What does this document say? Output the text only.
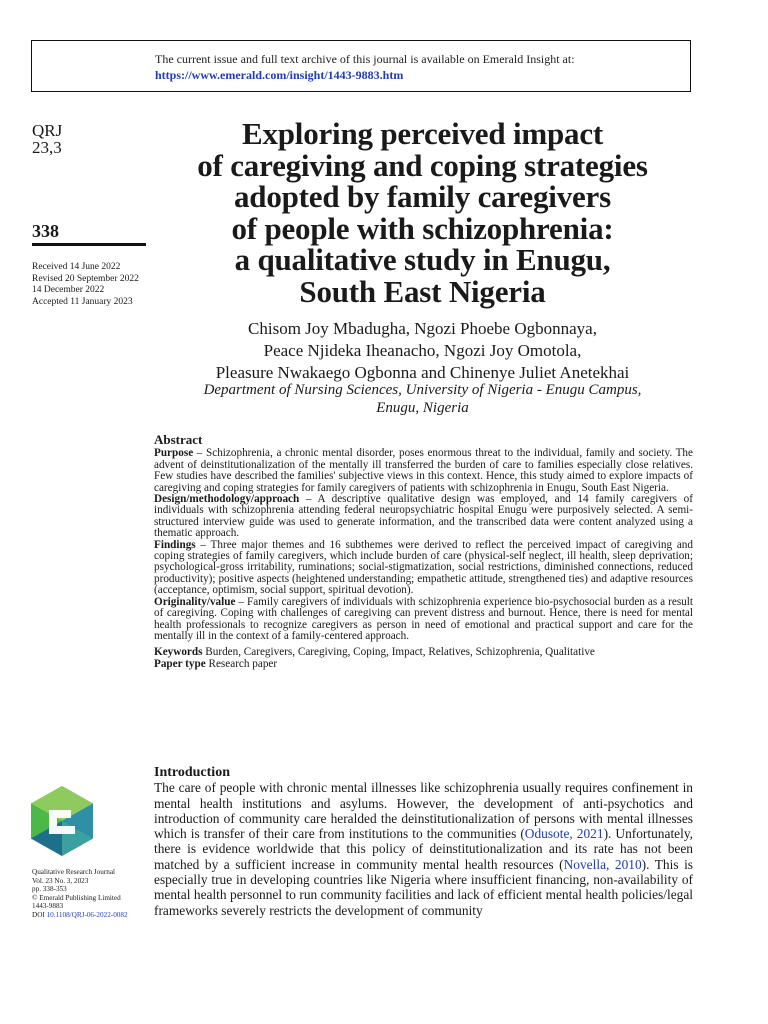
The current issue and full text archive of this journal is available on Emerald Insight at:
https://www.emerald.com/insight/1443-9883.htm
QRJ
23,3
338
Received 14 June 2022
Revised 20 September 2022
14 December 2022
Accepted 11 January 2023
Exploring perceived impact
of caregiving and coping strategies
adopted by family caregivers
of people with schizophrenia:
a qualitative study in Enugu,
South East Nigeria
Chisom Joy Mbadugha, Ngozi Phoebe Ogbonnaya,
Peace Njideka Iheanacho, Ngozi Joy Omotola,
Pleasure Nwakaego Ogbonna and Chinenye Juliet Anetekhai
Department of Nursing Sciences, University of Nigeria - Enugu Campus,
Enugu, Nigeria
Abstract

Purpose – Schizophrenia, a chronic mental disorder, poses enormous threat to the individual, family and society. The advent of deinstitutionalization of the mentally ill transferred the burden of care to families especially close relatives. Few studies have described the families' subjective views in this context. Hence, this study aimed to explore impacts of caregiving and coping strategies for family caregivers of patients with schizophrenia in Enugu, South East Nigeria.

Design/methodology/approach – A descriptive qualitative design was employed, and 14 family caregivers of individuals with schizophrenia attending federal neuropsychiatric hospital Enugu were purposively selected. A semi-structured interview guide was used to generate information, and the transcribed data were content analyzed using a thematic approach.

Findings – Three major themes and 16 subthemes were derived to reflect the perceived impact of caregiving and coping strategies of family caregivers, which include burden of care (physical-self neglect, ill health, sleep deprivation; psychological-gross irritability, ruminations; social-stigmatization, social restrictions, diminished connections, reduced productivity); positive aspects (heightened understanding; empathetic attitude, strengthened ties) and adaptive resources (acceptance, optimism, social support, spiritual devotion).

Originality/value – Family caregivers of individuals with schizophrenia experience bio-psychosocial burden as a result of caregiving. Coping with challenges of caregiving can prevent distress and burnout. Hence, there is need for mental health professionals to recognize caregivers as person in need of emotional and practical support and care for the mentally ill in the context of a family-centered approach.

Keywords Burden, Caregivers, Caregiving, Coping, Impact, Relatives, Schizophrenia, Qualitative

Paper type Research paper

Introduction

The care of people with chronic mental illnesses like schizophrenia usually requires confinement in mental health institutions and asylums. However, the development of anti-psychotics and introduction of community care heralded the deinstitutionalization of persons with mental illnesses which is transfer of their care from institutions to the communities (Odusote, 2021). Unfortunately, there is evidence worldwide that this policy of deinstitutionalization and its rate has not been matched by a sufficient increase in community mental health resources (Novella, 2010). This is especially true in developing countries like Nigeria where insufficient financing, non-availability of mental health personnel to run community facilities and lack of efficient mental health policies/legal frameworks severely restricts the development of community

Qualitative Research Journal
Vol. 23 No. 3, 2023
pp. 338-353
© Emerald Publishing Limited
1443-9883
DOI 10.1108/QRJ-06-2022-0082
